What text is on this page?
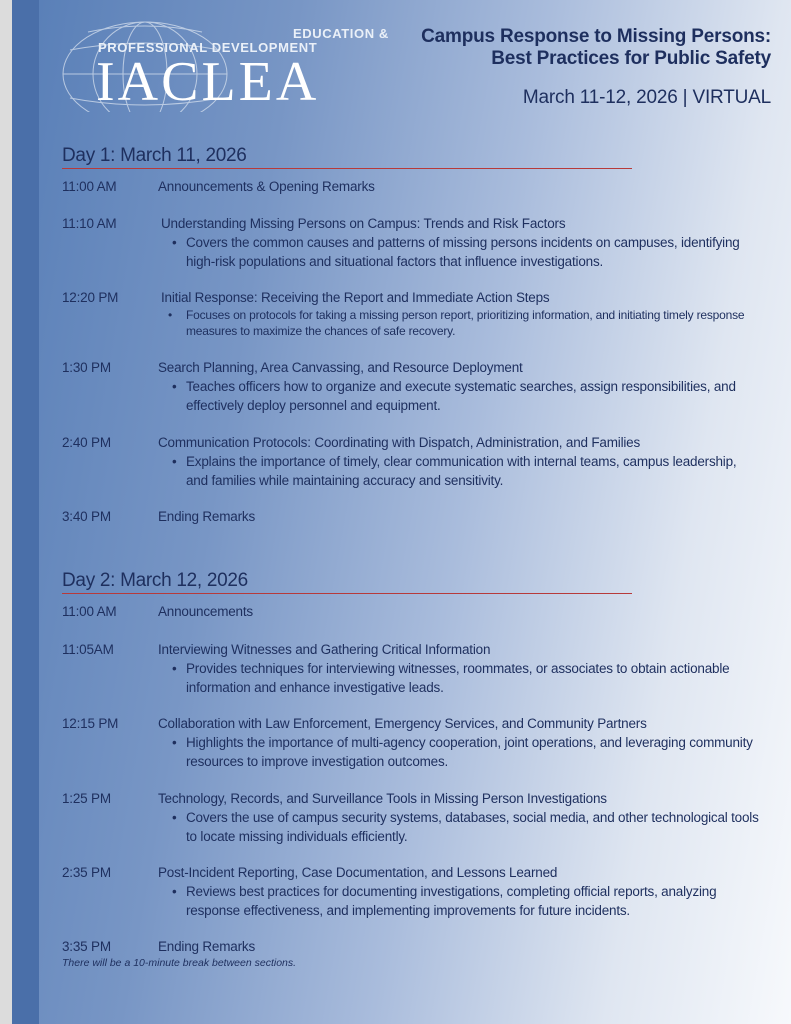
EDUCATION &
PROFESSIONAL DEVELOPMENT
IACLEA
Campus Response to Missing Persons:
Best Practices for Public Safety
March 11-12, 2026 | VIRTUAL
Day 1: March 11, 2026
11:00 AM	Announcements & Opening Remarks
11:10 AM	Understanding Missing Persons on Campus: Trends and Risk Factors
• Covers the common causes and patterns of missing persons incidents on campuses, identifying high-risk populations and situational factors that influence investigations.
12:20 PM	Initial Response: Receiving the Report and Immediate Action Steps
• Focuses on protocols for taking a missing person report, prioritizing information, and initiating timely response measures to maximize the chances of safe recovery.
1:30 PM	Search Planning, Area Canvassing, and Resource Deployment
• Teaches officers how to organize and execute systematic searches, assign responsibilities, and effectively deploy personnel and equipment.
2:40 PM	Communication Protocols: Coordinating with Dispatch, Administration, and Families
• Explains the importance of timely, clear communication with internal teams, campus leadership, and families while maintaining accuracy and sensitivity.
3:40 PM	Ending Remarks
Day 2: March 12, 2026
11:00 AM	Announcements
11:05AM	Interviewing Witnesses and Gathering Critical Information
• Provides techniques for interviewing witnesses, roommates, or associates to obtain actionable information and enhance investigative leads.
12:15 PM	Collaboration with Law Enforcement, Emergency Services, and Community Partners
• Highlights the importance of multi-agency cooperation, joint operations, and leveraging community resources to improve investigation outcomes.
1:25 PM	Technology, Records, and Surveillance Tools in Missing Person Investigations
• Covers the use of campus security systems, databases, social media, and other technological tools to locate missing individuals efficiently.
2:35 PM	Post-Incident Reporting, Case Documentation, and Lessons Learned
• Reviews best practices for documenting investigations, completing official reports, analyzing response effectiveness, and implementing improvements for future incidents.
3:35 PM	Ending Remarks
There will be a 10-minute break between sections.
